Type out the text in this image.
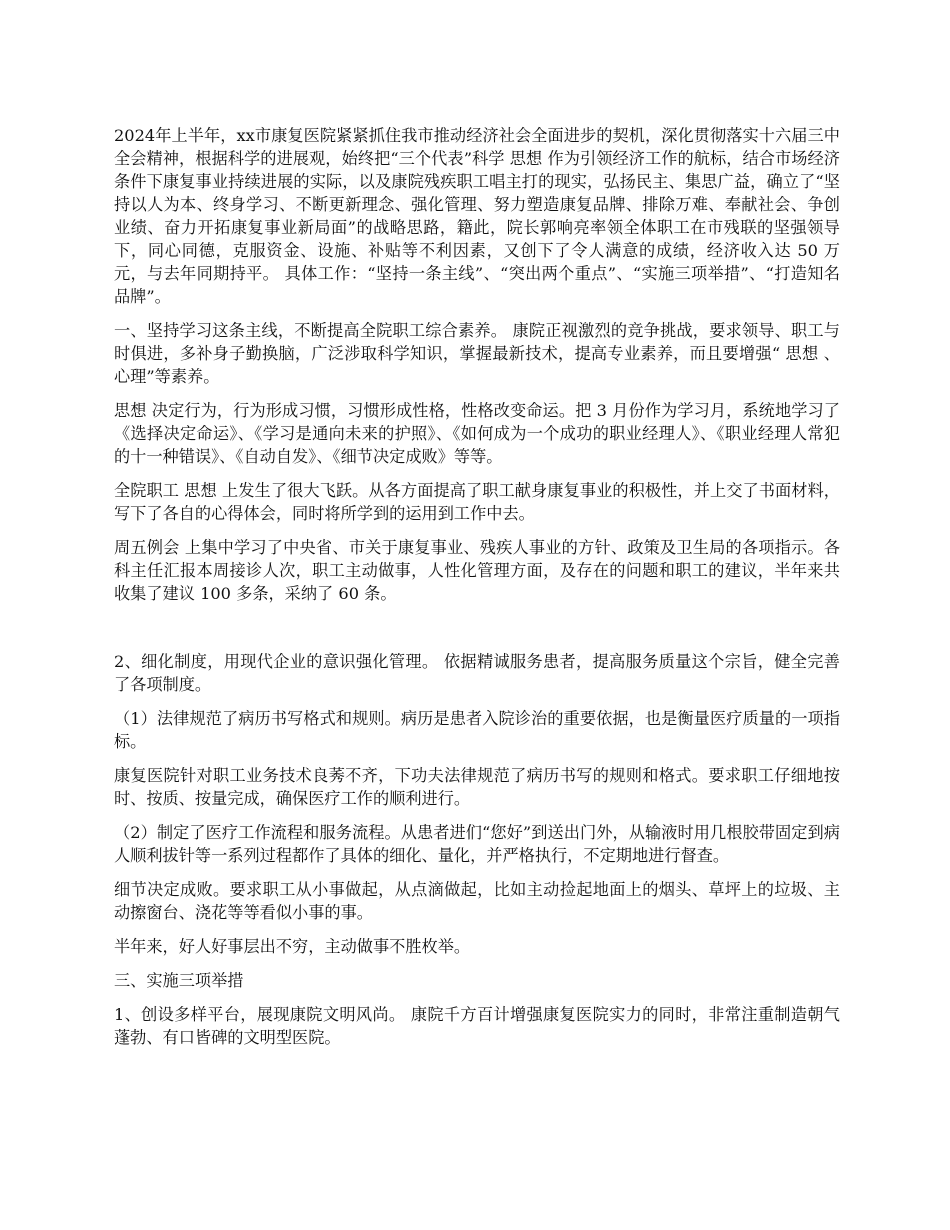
2024年上半年，xx市康复医院紧紧抓住我市推动经济社会全面进步的契机，深化贯彻落实十六届三中全会精神，根据科学的进展观，始终把“三个代表”科学 思想 作为引领经济工作的航标，结合市场经济条件下康复事业持续进展的实际，以及康院残疾职工唱主打的现实，弘扬民主、集思广益，确立了“坚持以人为本、终身学习、不断更新理念、强化管理、努力塑造康复品牌、排除万难、奉献社会、争创业绩、奋力开拓康复事业新局面”的战略思路，籍此，院长郭响亮率领全体职工在市残联的坚强领导下，同心同德，克服资金、设施、补贴等不利因素，又创下了令人满意的成绩，经济收入达 50 万元，与去年同期持平。 具体工作：“坚持一条主线”、“突出两个重点”、“实施三项举措”、“打造知名品牌”。

一、坚持学习这条主线，不断提高全院职工综合素养。 康院正视激烈的竞争挑战，要求领导、职工与时俱进，多补身子勤换脑，广泛涉取科学知识，掌握最新技术，提高专业素养，而且要增强“ 思想 、心理”等素养。

思想 决定行为，行为形成习惯，习惯形成性格，性格改变命运。把 3 月份作为学习月，系统地学习了《选择决定命运》、《学习是通向未来的护照》、《如何成为一个成功的职业经理人》、《职业经理人常犯的十一种错误》、《自动自发》、《细节决定成败》等等。

全院职工 思想 上发生了很大飞跃。从各方面提高了职工献身康复事业的积极性，并上交了书面材料，写下了各自的心得体会，同时将所学到的运用到工作中去。

周五例会 上集中学习了中央省、市关于康复事业、残疾人事业的方针、政策及卫生局的各项指示。各科主任汇报本周接诊人次，职工主动做事，人性化管理方面，及存在的问题和职工的建议，半年来共收集了建议 100 多条，采纳了 60 条。

2、细化制度，用现代企业的意识强化管理。 依据精诚服务患者，提高服务质量这个宗旨，健全完善了各项制度。

（1）法律规范了病历书写格式和规则。病历是患者入院诊治的重要依据，也是衡量医疗质量的一项指标。

康复医院针对职工业务技术良莠不齐，下功夫法律规范了病历书写的规则和格式。要求职工仔细地按时、按质、按量完成，确保医疗工作的顺利进行。

（2）制定了医疗工作流程和服务流程。从患者进们“您好”到送出门外，从输液时用几根胶带固定到病人顺利拔针等一系列过程都作了具体的细化、量化，并严格执行，不定期地进行督查。

细节决定成败。要求职工从小事做起，从点滴做起，比如主动捡起地面上的烟头、草坪上的垃圾、主动擦窗台、浇花等等看似小事的事。

半年来，好人好事层出不穷，主动做事不胜枚举。

三、实施三项举措

1、创设多样平台，展现康院文明风尚。 康院千方百计增强康复医院实力的同时，非常注重制造朝气蓬勃、有口皆碑的文明型医院。
